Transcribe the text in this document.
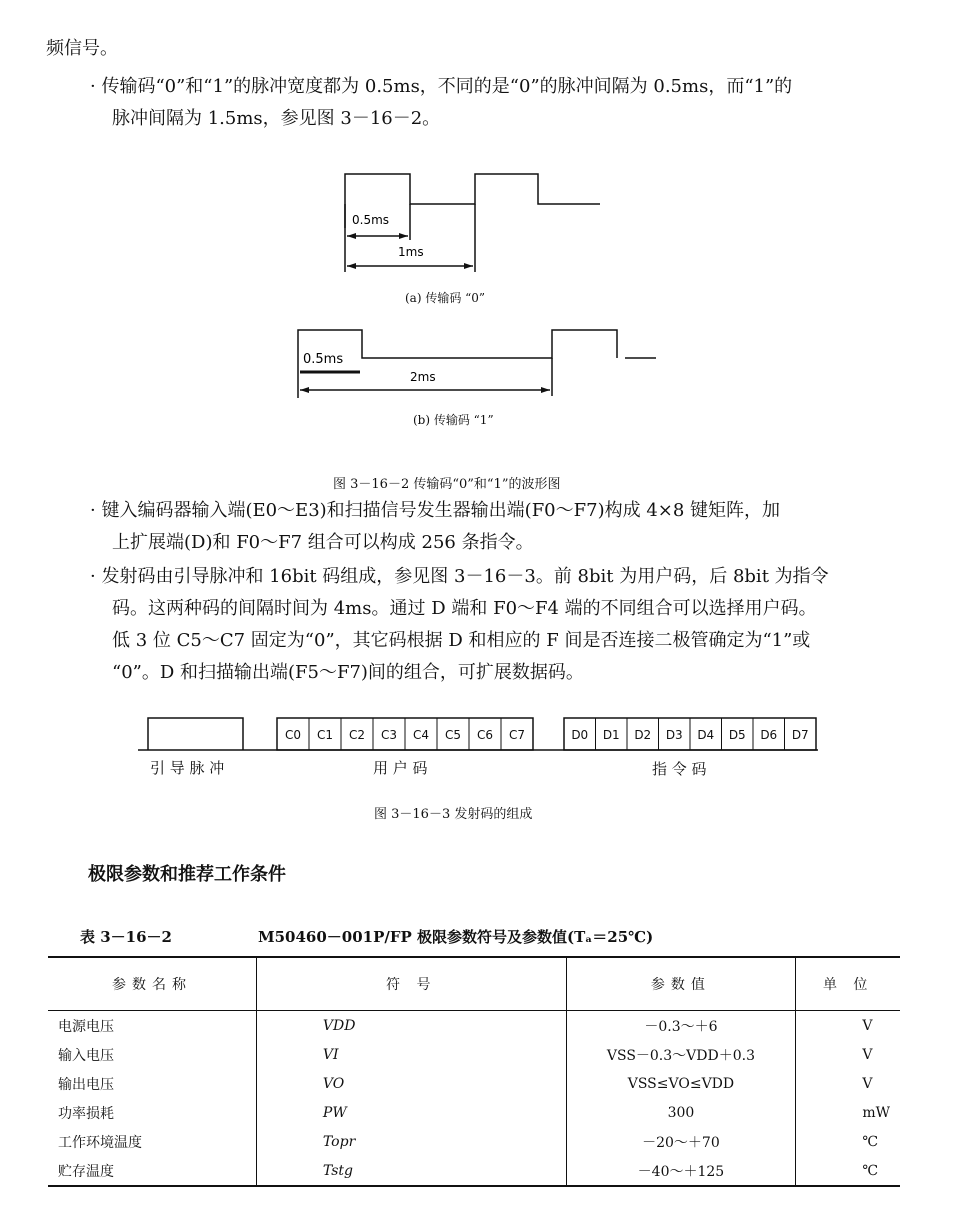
频信号。
· 传输码“0”和“1”的脉冲宽度都为 0.5ms，不同的是“0”的脉冲间隔为 0.5ms，而“1”的
脉冲间隔为 1.5ms，参见图 3－16－2。
0.5ms
1ms
0.5ms
2ms
(a) 传输码 “0”
(b) 传输码 “1”
图 3－16－2 传输码“0”和“1”的波形图
· 键入编码器输入端(E0～E3)和扫描信号发生器输出端(F0～F7)构成 4×8 键矩阵，加
上扩展端(D)和 F0～F7 组合可以构成 256 条指令。
· 发射码由引导脉冲和 16bit 码组成，参见图 3－16－3。前 8bit 为用户码，后 8bit 为指令
码。这两种码的间隔时间为 4ms。通过 D 端和 F0～F4 端的不同组合可以选择用户码。
低 3 位 C5～C7 固定为“0”，其它码根据 D 和相应的 F 间是否连接二极管确定为“1”或
“0”。D 和扫描输出端(F5～F7)间的组合，可扩展数据码。
C0 C1 C2 C3 C4 C5 C6 C7	D0 D1 D2 D3 D4 D5 D6 D7
引 导 脉 冲	用 户 码	指 令 码
图 3－16－3 发射码的组成
极限参数和推荐工作条件
表 3－16－2	M50460－001P/FP 极限参数符号及参数值(Tₐ＝25℃)
参数名称	符 号	参数值	单 位
电源电压	VDD	－0.3～＋6	V
输入电压	VI	VSS－0.3～VDD＋0.3	V
输出电压	VO	VSS≤VO≤VDD	V
功率损耗	PW	300	mW
工作环境温度	Topr	－20～＋70	℃
贮存温度	Tstg	－40～＋125	℃
